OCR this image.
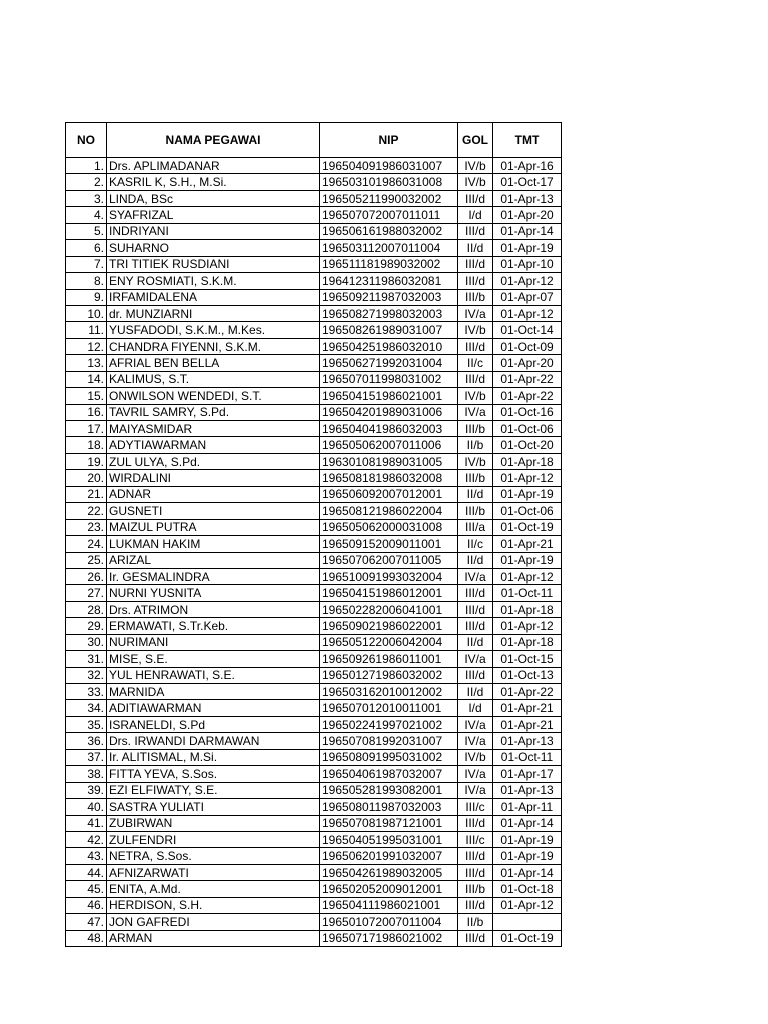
NO	NAMA PEGAWAI	NIP	GOL	TMT
1.	Drs. APLIMADANAR	196504091986031007	IV/b	01-Apr-16
2.	KASRIL K, S.H., M.Si.	196503101986031008	IV/b	01-Oct-17
3.	LINDA, BSc	196505211990032002	III/d	01-Apr-13
4.	SYAFRIZAL	196507072007011011	I/d	01-Apr-20
5.	INDRIYANI	196506161988032002	III/d	01-Apr-14
6.	SUHARNO	196503112007011004	II/d	01-Apr-19
7.	TRI TITIEK RUSDIANI	196511181989032002	III/d	01-Apr-10
8.	ENY ROSMIATI, S.K.M.	196412311986032081	III/d	01-Apr-12
9.	IRFAMIDALENA	196509211987032003	III/b	01-Apr-07
10.	dr. MUNZIARNI	196508271998032003	IV/a	01-Apr-12
11.	YUSFADODI, S.K.M., M.Kes.	196508261989031007	IV/b	01-Oct-14
12.	CHANDRA FIYENNI, S.K.M.	196504251986032010	III/d	01-Oct-09
13.	AFRIAL BEN BELLA	196506271992031004	II/c	01-Apr-20
14.	KALIMUS, S.T.	196507011998031002	III/d	01-Apr-22
15.	ONWILSON WENDEDI, S.T.	196504151986021001	IV/b	01-Apr-22
16.	TAVRIL SAMRY, S.Pd.	196504201989031006	IV/a	01-Oct-16
17.	MAIYASMIDAR	196504041986032003	III/b	01-Oct-06
18.	ADYTIAWARMAN	196505062007011006	II/b	01-Oct-20
19.	ZUL ULYA, S.Pd.	196301081989031005	IV/b	01-Apr-18
20.	WIRDALINI	196508181986032008	III/b	01-Apr-12
21.	ADNAR	196506092007012001	II/d	01-Apr-19
22.	GUSNETI	196508121986022004	III/b	01-Oct-06
23.	MAIZUL PUTRA	196505062000031008	III/a	01-Oct-19
24.	LUKMAN HAKIM	196509152009011001	II/c	01-Apr-21
25.	ARIZAL	196507062007011005	II/d	01-Apr-19
26.	Ir. GESMALINDRA	196510091993032004	IV/a	01-Apr-12
27.	NURNI YUSNITA	196504151986012001	III/d	01-Oct-11
28.	Drs. ATRIMON	196502282006041001	III/d	01-Apr-18
29.	ERMAWATI, S.Tr.Keb.	196509021986022001	III/d	01-Apr-12
30.	NURIMANI	196505122006042004	II/d	01-Apr-18
31.	MISE, S.E.	196509261986011001	IV/a	01-Oct-15
32.	YUL HENRAWATI, S.E.	196501271986032002	III/d	01-Oct-13
33.	MARNIDA	196503162010012002	II/d	01-Apr-22
34.	ADITIAWARMAN	196507012010011001	I/d	01-Apr-21
35.	ISRANELDI, S.Pd	196502241997021002	IV/a	01-Apr-21
36.	Drs. IRWANDI DARMAWAN	196507081992031007	IV/a	01-Apr-13
37.	Ir. ALITISMAL, M.Si.	196508091995031002	IV/b	01-Oct-11
38.	FITTA YEVA, S.Sos.	196504061987032007	IV/a	01-Apr-17
39.	EZI ELFIWATY, S.E.	196505281993082001	IV/a	01-Apr-13
40.	SASTRA YULIATI	196508011987032003	III/c	01-Apr-11
41.	ZUBIRWAN	196507081987121001	III/d	01-Apr-14
42.	ZULFENDRI	196504051995031001	III/c	01-Apr-19
43.	NETRA, S.Sos.	196506201991032007	III/d	01-Apr-19
44.	AFNIZARWATI	196504261989032005	III/d	01-Apr-14
45.	ENITA, A.Md.	196502052009012001	III/b	01-Oct-18
46.	HERDISON, S.H.	196504111986021001	III/d	01-Apr-12
47.	JON GAFREDI	196501072007011004	II/b	
48.	ARMAN	196507171986021002	III/d	01-Oct-19
